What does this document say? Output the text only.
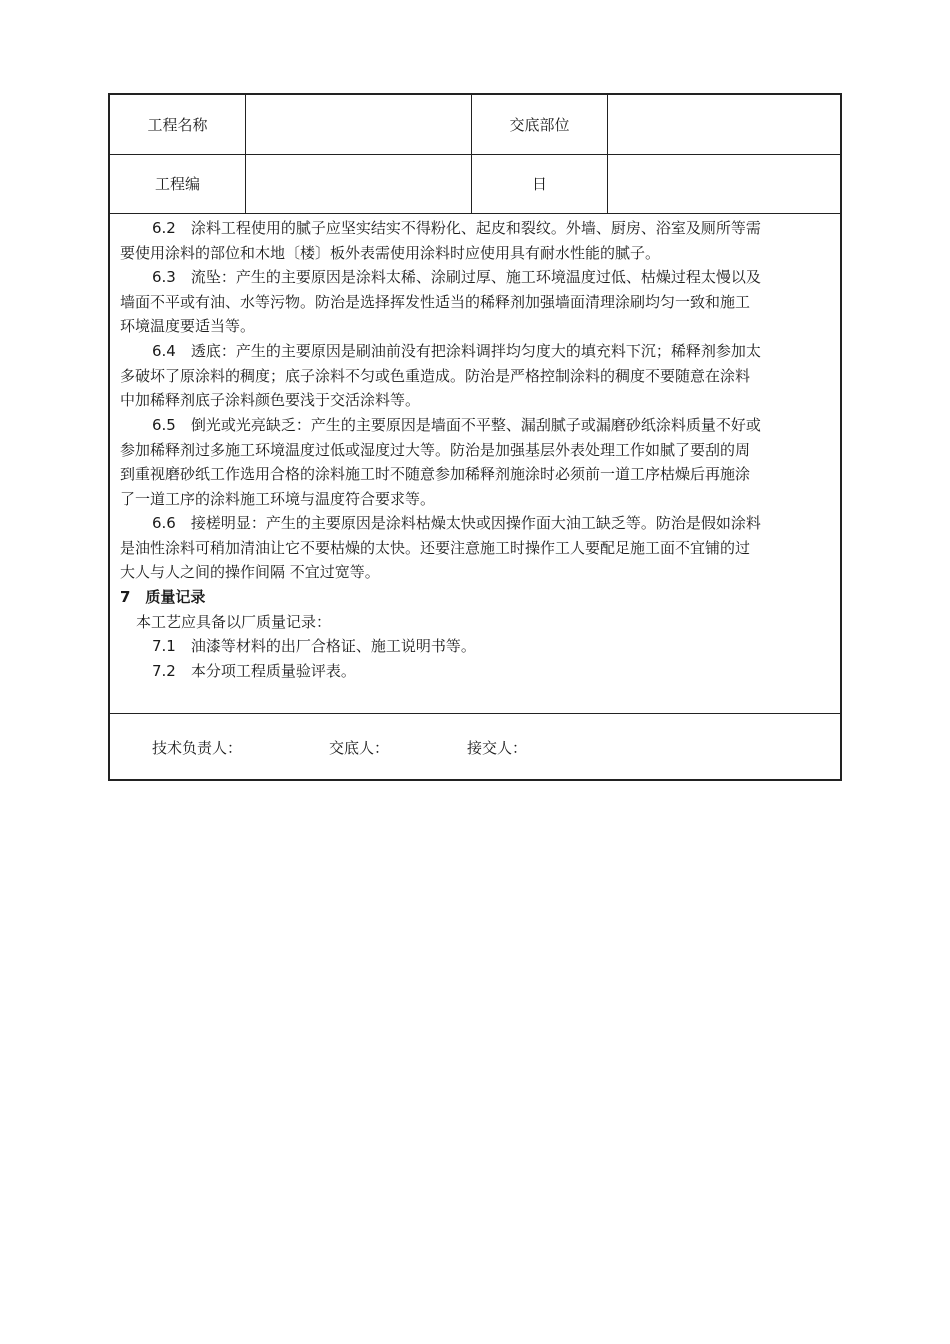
工程名称	交底部位
工程编	日
6.2　涂料工程使用的腻子应坚实结实不得粉化、起皮和裂纹。外墙、厨房、浴室及厕所等需
要使用涂料的部位和木地〔楼〕板外表需使用涂料时应使用具有耐水性能的腻子。
6.3　流坠：产生的主要原因是涂料太稀、涂刷过厚、施工环境温度过低、枯燥过程太慢以及
墙面不平或有油、水等污物。防治是选择挥发性适当的稀释剂加强墙面清理涂刷均匀一致和施工
环境温度要适当等。
6.4　透底：产生的主要原因是刷油前没有把涂料调拌均匀度大的填充料下沉；稀释剂参加太
多破坏了原涂料的稠度；底子涂料不匀或色重造成。防治是严格控制涂料的稠度不要随意在涂料
中加稀释剂底子涂料颜色要浅于交活涂料等。
6.5　倒光或光亮缺乏：产生的主要原因是墙面不平整、漏刮腻子或漏磨砂纸涂料质量不好或
参加稀释剂过多施工环境温度过低或湿度过大等。防治是加强基层外表处理工作如腻了要刮的周
到重视磨砂纸工作选用合格的涂料施工时不随意参加稀释剂施涂时必须前一道工序枯燥后再施涂
了一道工序的涂料施工环境与温度符合要求等。
6.6　接槎明显：产生的主要原因是涂料枯燥太快或因操作面大油工缺乏等。防治是假如涂料
是油性涂料可稍加清油让它不要枯燥的太快。还要注意施工时操作工人要配足施工面不宜铺的过
大人与人之间的操作间隔 不宜过宽等。
7　质量记录
本工艺应具备以厂质量记录：
7.1　油漆等材料的出厂合格证、施工说明书等。
7.2　本分项工程质量验评表。
技术负责人：	交底人：	接交人：
